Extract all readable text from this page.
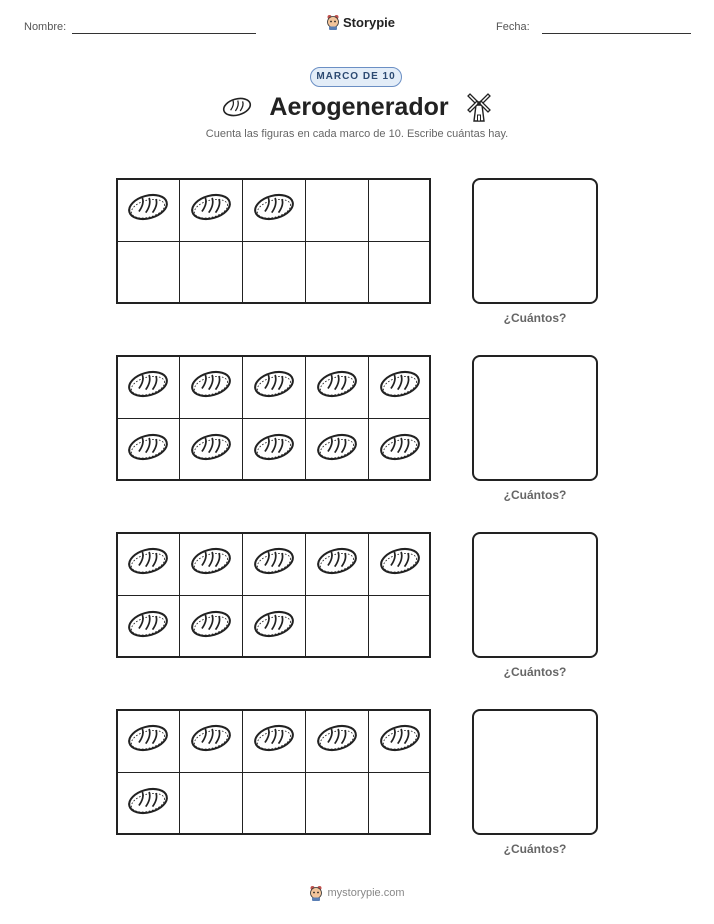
Nombre:	Storypie	Fecha:
MARCO DE 10
Aerogenerador
Cuenta las figuras en cada marco de 10. Escribe cuántas hay.
¿Cuántos?
¿Cuántos?
¿Cuántos?
¿Cuántos?
mystorypie.com
